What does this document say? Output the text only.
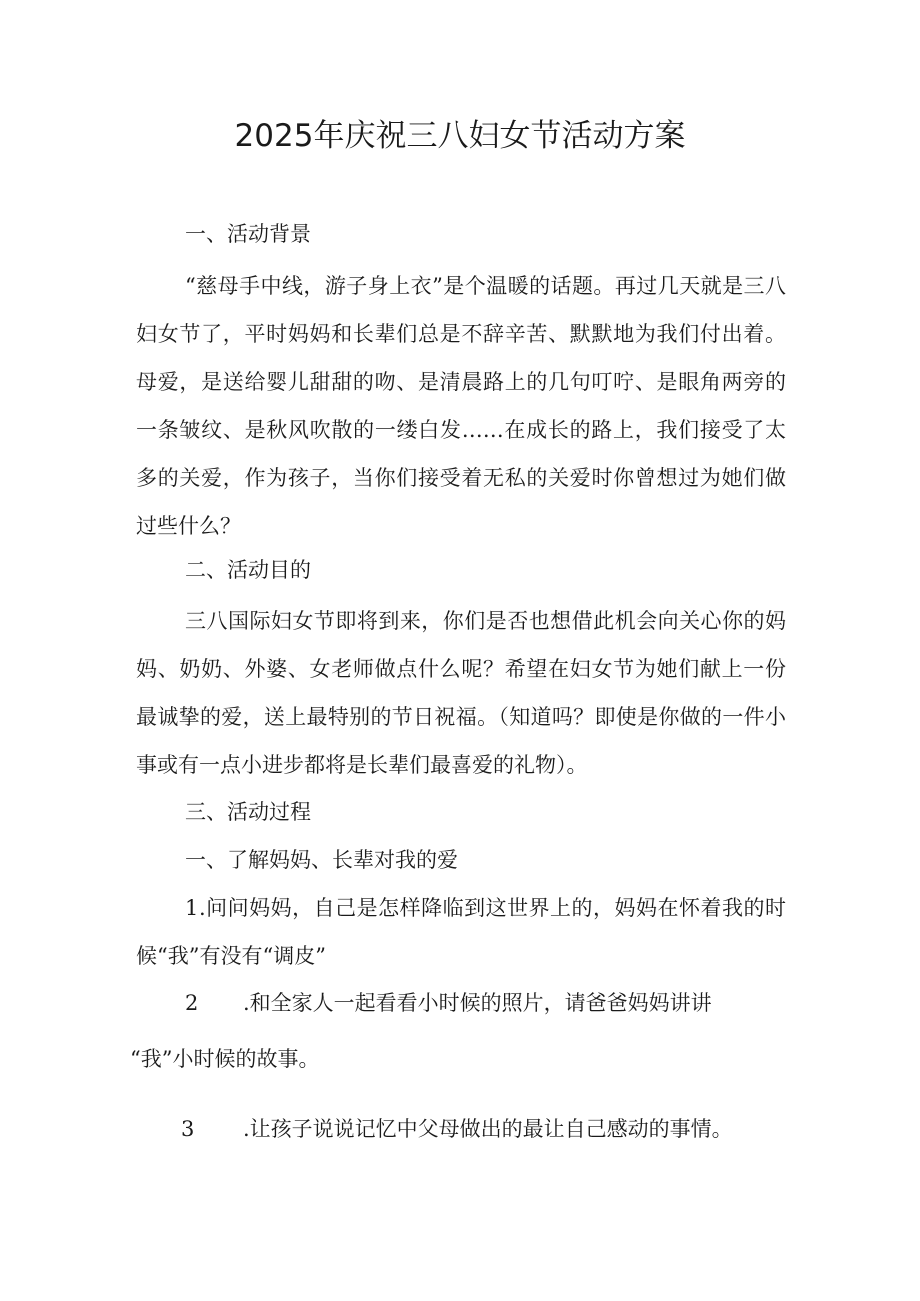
2025年庆祝三八妇女节活动方案
一、活动背景
“慈母手中线，游子身上衣”是个温暖的话题。再过几天就是三八妇女节了，平时妈妈和长辈们总是不辞辛苦、默默地为我们付出着。母爱，是送给婴儿甜甜的吻、是清晨路上的几句叮咛、是眼角两旁的一条皱纹、是秋风吹散的一缕白发……在成长的路上，我们接受了太多的关爱，作为孩子，当你们接受着无私的关爱时你曾想过为她们做过些什么？
二、活动目的
三八国际妇女节即将到来，你们是否也想借此机会向关心你的妈妈、奶奶、外婆、女老师做点什么呢？希望在妇女节为她们献上一份最诚挚的爱，送上最特别的节日祝福。（知道吗？即使是你做的一件小事或有一点小进步都将是长辈们最喜爱的礼物）。
三、活动过程
一、了解妈妈、长辈对我的爱
1 .问问妈妈，自己是怎样降临到这世界上的，妈妈在怀着我的时候“我”有没有“调皮”
2 .和全家人一起看看小时候的照片，请爸爸妈妈讲讲
“我”小时候的故事。
3 .让孩子说说记忆中父母做出的最让自己感动的事情。
